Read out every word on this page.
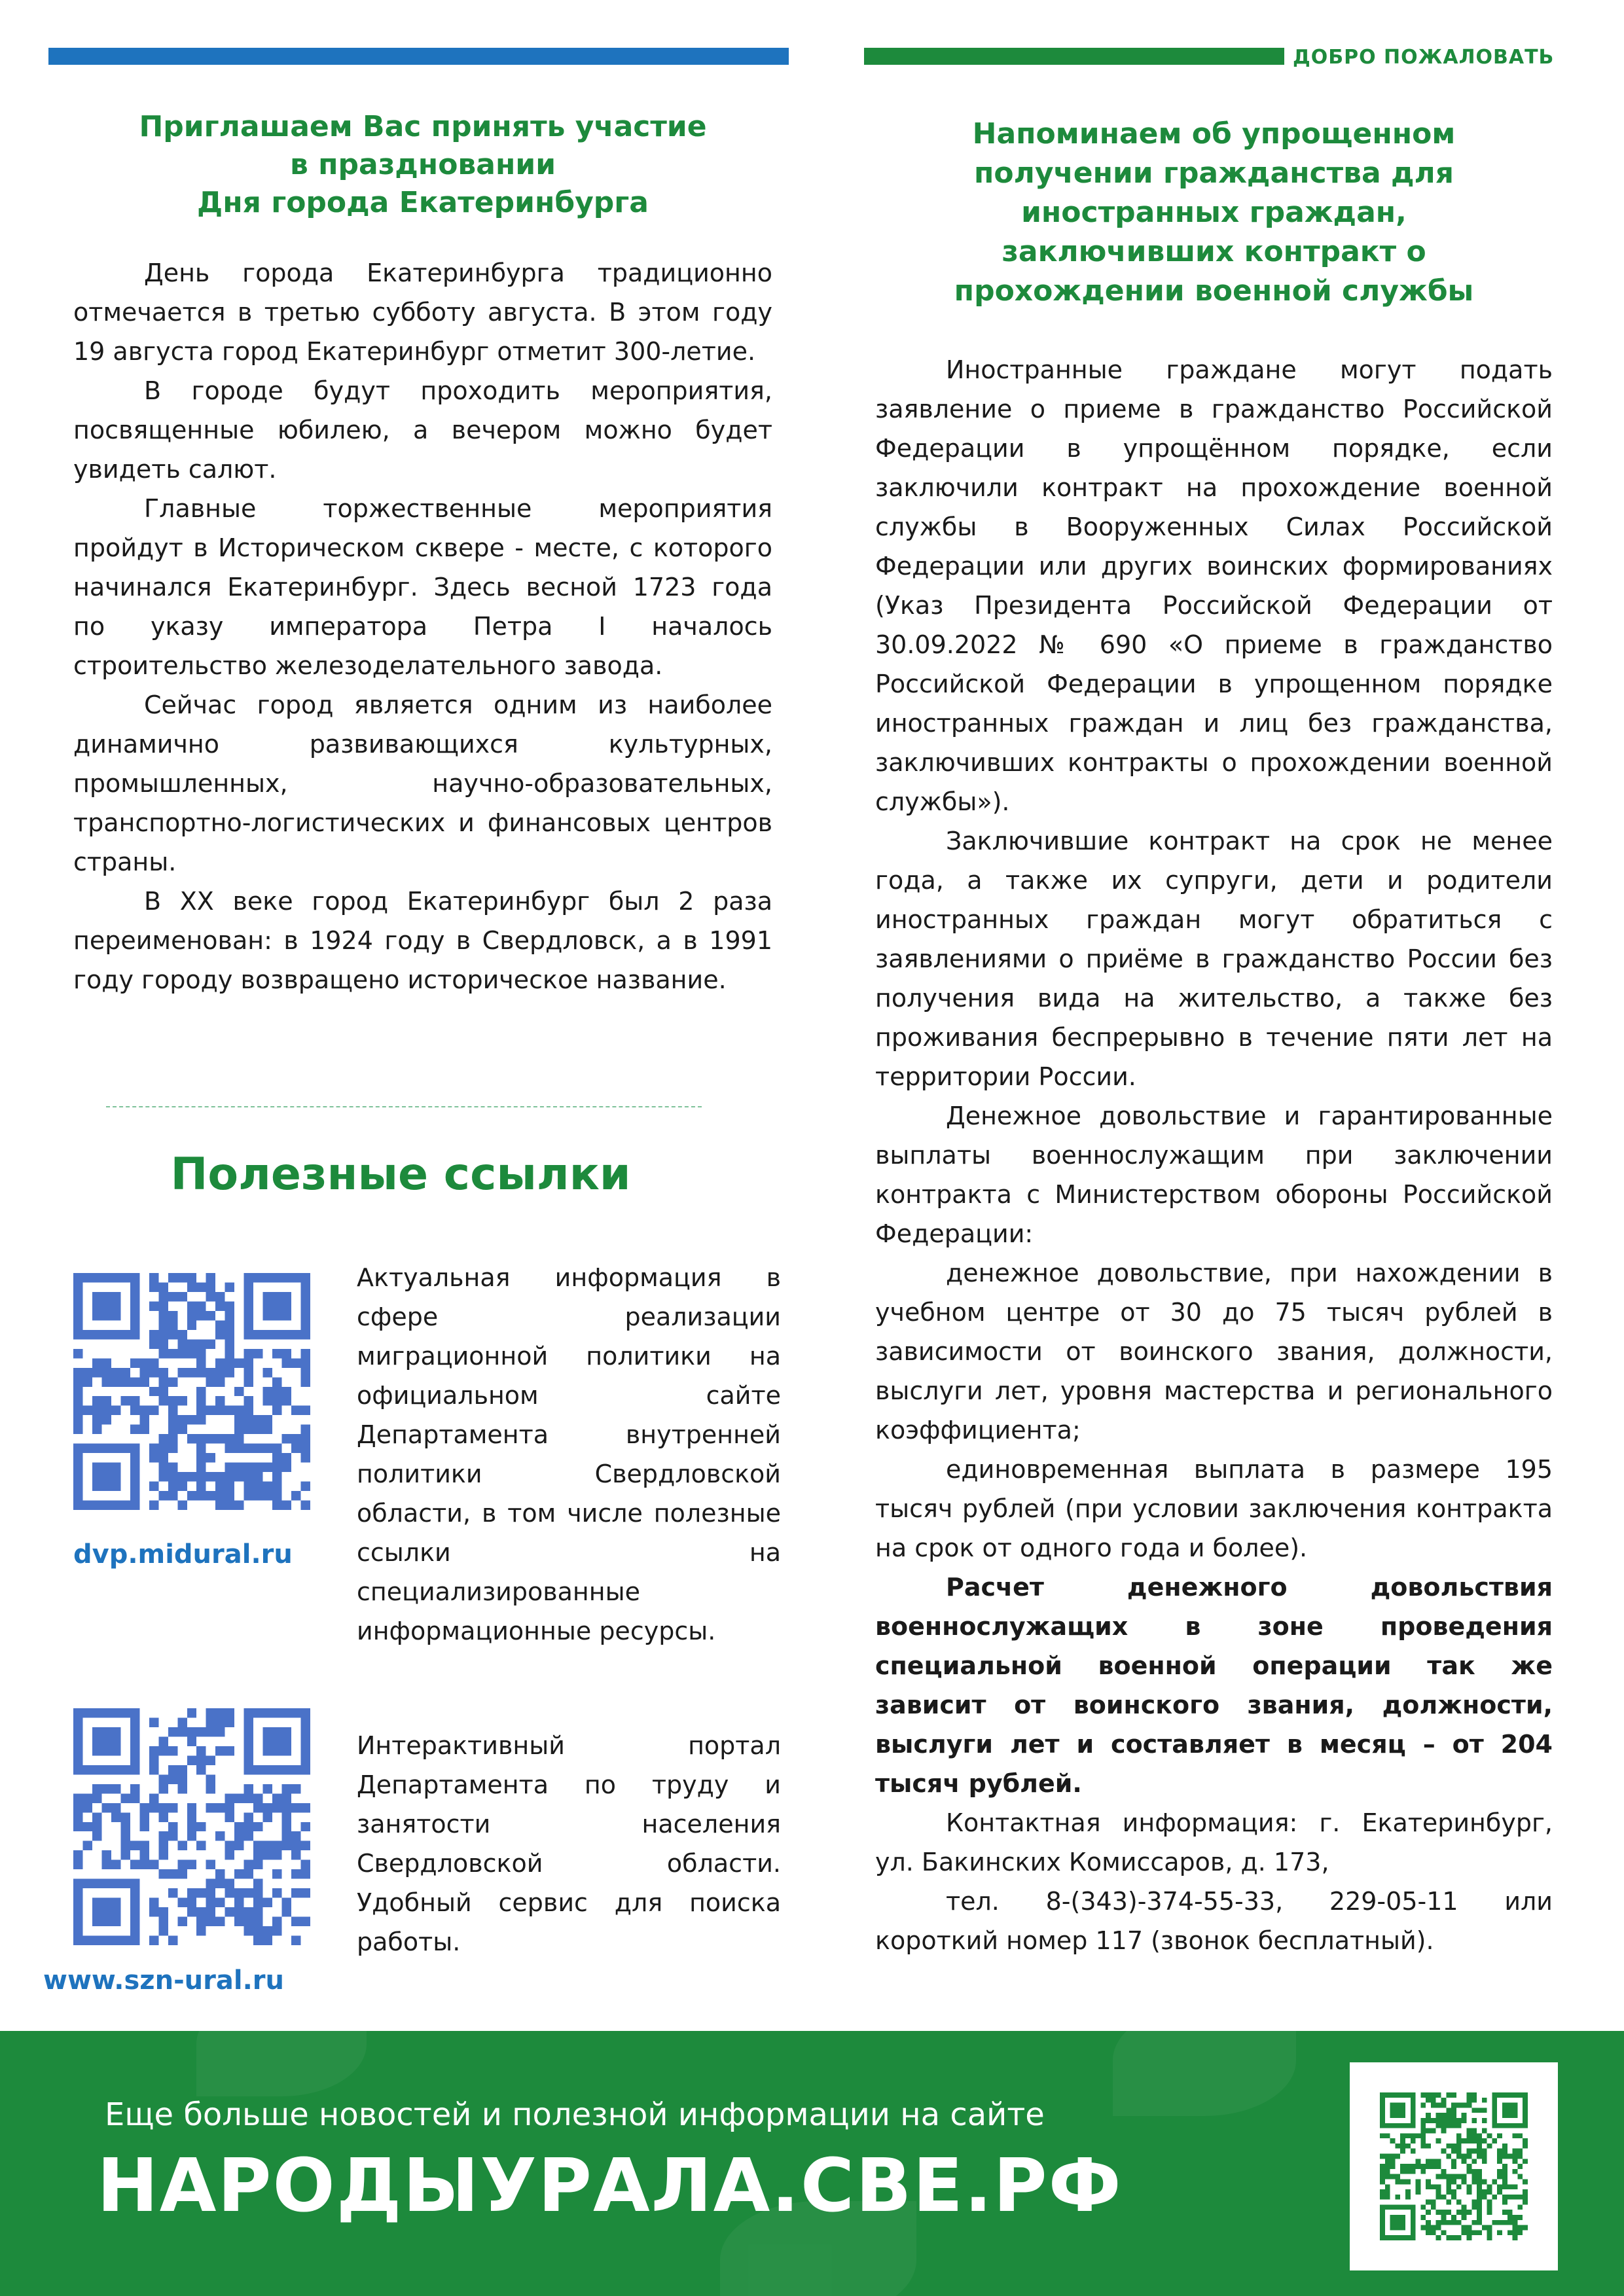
ДОБРО ПОЖАЛОВАТЬ
Приглашаем Вас принять участие
в праздновании
Дня города Екатеринбурга

День города Екатеринбурга традиционно отмечается в третью субботу августа. В этом году 19 августа город Екатеринбург отметит 300-летие.

В городе будут проходить мероприятия, посвященные юбилею, а вечером можно будет увидеть салют.

Главные торжественные мероприятия пройдут в Историческом сквере - месте, с которого начинался Екатеринбург. Здесь весной 1723 года по указу императора Петра I началось строительство железоделательного завода.

Сейчас город является одним из наиболее динамично развивающихся культурных, промышленных, научно-образовательных, транспортно-логистических и финансовых центров страны.

В XX веке город Екатеринбург был 2 раза переименован: в 1924 году в Свердловск, а в 1991 году городу возвращено историческое название.

Полезные ссылки
dvp.midural.ru

Актуальная информация в сфере реализации миграционной политики на официальном сайте Департамента внутренней политики Свердловской области, в том числе полезные ссылки на специализированные информационные ресурсы.

www.szn-ural.ru

Интерактивный портал Департамента по труду и занятости населения Свердловской области. Удобный сервис для поиска работы.

Напоминаем об упрощенном
получении гражданства для
иностранных граждан,
заключивших контракт о
прохождении военной службы

Иностранные граждане могут подать заявление о приеме в гражданство Российской Федерации в упрощённом порядке, если заключили контракт на прохождение военной службы в Вооруженных Силах Российской Федерации или других воинских формированиях (Указ Президента Российской Федерации от 30.09.2022 № 690 «О приеме в гражданство Российской Федерации в упрощенном порядке иностранных граждан и лиц без гражданства, заключивших контракты о прохождении военной службы»).

Заключившие контракт на срок не менее года, а также их супруги, дети и родители иностранных граждан могут обратиться с заявлениями о приёме в гражданство России без получения вида на жительство, а также без проживания беспрерывно в течение пяти лет на территории России.

Денежное довольствие и гарантированные выплаты военнослужащим при заключении контракта с Министерством обороны Российской Федерации:

денежное довольствие, при нахождении в учебном центре от 30 до 75 тысяч рублей в зависимости от воинского звания, должности, выслуги лет, уровня мастерства и регионального коэффициента;

единовременная выплата в размере 195 тысяч рублей (при условии заключения контракта на срок от одного года и более).

Расчет денежного довольствия военнослужащих в зоне проведения специальной военной операции так же зависит от воинского звания, должности, выслуги лет и составляет в месяц – от 204 тысяч рублей.

Контактная информация: г. Екатеринбург, ул. Бакинских Комиссаров, д. 173,

тел. 8-(343)-374-55-33, 229-05-11 или короткий номер 117 (звонок бесплатный).

Еще больше новостей и полезной информации на сайте
НАРОДЫУРАЛА.СВЕ.РФ
